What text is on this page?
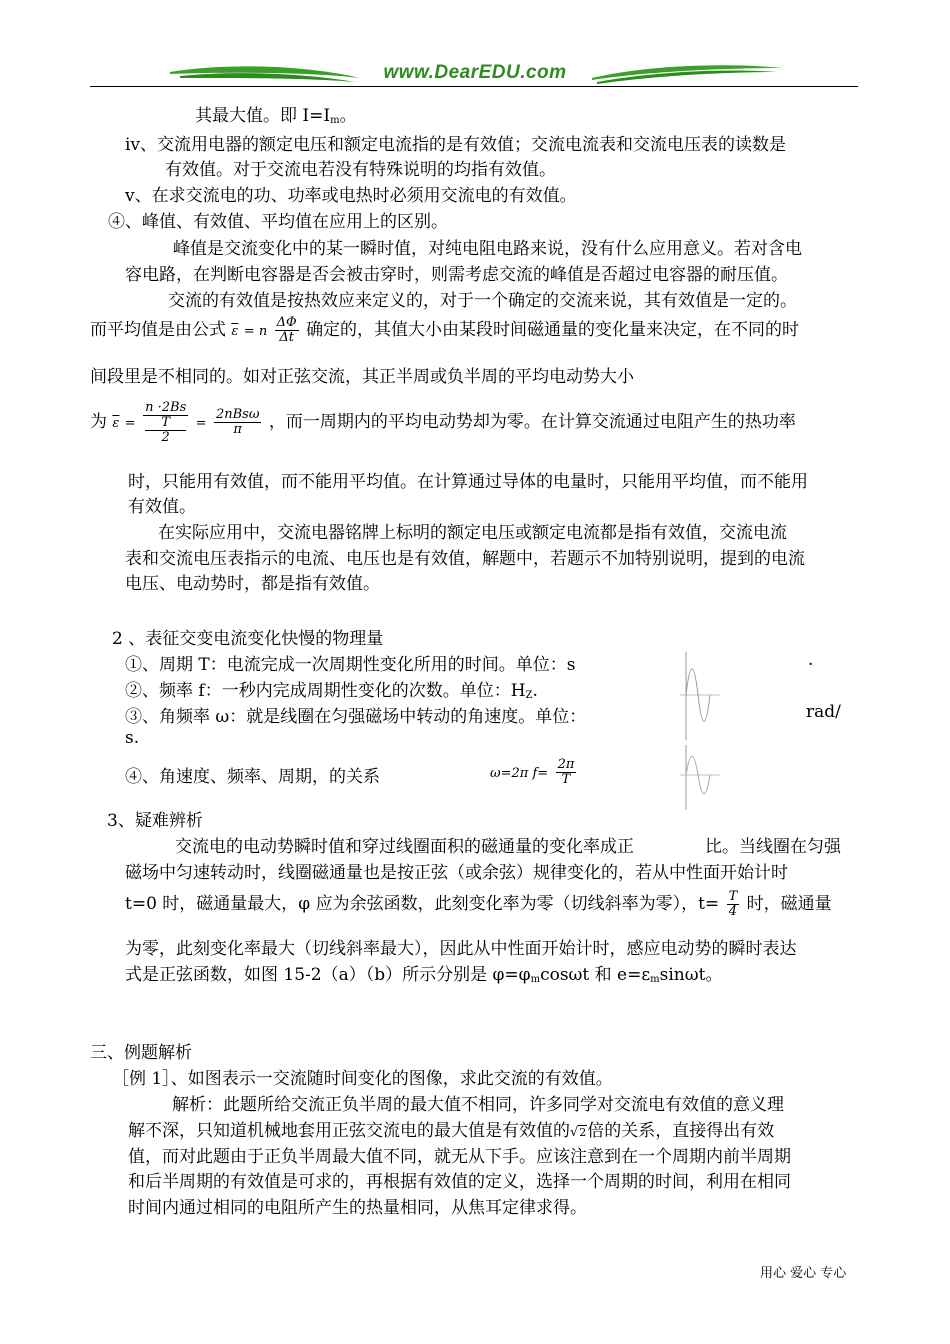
www.DearEDU.com
其最大值。即 I=Im。
ⅳ、交流用电器的额定电压和额定电流指的是有效值；交流电流表和交流电压表的读数是
有效值。对于交流电若没有特殊说明的均指有效值。
ⅴ、在求交流电的功、功率或电热时必须用交流电的有效值。
④、峰值、有效值、平均值在应用上的区别。
峰值是交流变化中的某一瞬时值，对纯电阻电路来说，没有什么应用意义。若对含电
容电路，在判断电容器是否会被击穿时，则需考虑交流的峰值是否超过电容器的耐压值。
交流的有效值是按热效应来定义的，对于一个确定的交流来说，其有效值是一定的。
而平均值是由公式 $\overline{\varepsilon} = n \frac{\Delta\Phi}{\Delta t}$ 确定的，其值大小由某段时间磁通量的变化量来决定，在不同的时
间段里是不相同的。如对正弦交流，其正半周或负半周的平均电动势大小
为 $\overline{\varepsilon} = n \cdot 2Bs$
T
$2 = \frac{\text{2nBsω}}{\pi}$ ，而一周期内的平均电动势却为零。在计算交流通过电阻产生的热功率
时，只能用有效值，而不能用平均值。在计算通过导体的电量时，只能用平均值，而不能用
有效值。
在实际应用中，交流电器铭牌上标明的额定电压或额定电流都是指有效值，交流电流
表和交流电压表指示的电流、电压也是有效值，解题中，若题示不加特别说明，提到的电流
电压、电动势时，都是指有效值。
2 、表征交变电流变化快慢的物理量
①、周期 T：电流完成一次周期性变化所用的时间。单位：s	.
②、频率 f：一秒内完成周期性变化的次数。单位：HZ.
③、角频率 ω：就是线圈在匀强磁场中转动的角速度。单位：	rad/
s.
④、角速度、频率、周期，的关系	ω=2π $f= \frac{2\pi}{T}$
3、疑难辨析
交流电的电动势瞬时值和穿过线圈面积的磁通量的变化率成正	比。当线圈在匀强
磁场中匀速转动时，线圈磁通量也是按正弦（或余弦）规律变化的，若从中性面开始计时
t=0 时，磁通量最大，φ 应为余弦函数，此刻变化率为零（切线斜率为零），$t= \frac{T}{4}$ 时，磁通量
为零，此刻变化率最大（切线斜率最大），因此从中性面开始计时，感应电动势的瞬时表达
式是正弦函数，如图 15-2（a）（b）所示分别是 φ=φmcosωt 和 e=εmsinωt。
三、例题解析
［例 1］、如图表示一交流随时间变化的图像，求此交流的有效值。
解析：此题所给交流正负半周的最大值不相同，许多同学对交流电有效值的意义理
解不深，只知道机械地套用正弦交流电的最大值是有效值的√2倍的关系，直接得出有效
值，而对此题由于正负半周最大值不同，就无从下手。应该注意到在一个周期内前半周期
和后半周期的有效值是可求的，再根据有效值的定义，选择一个周期的时间，利用在相同
时间内通过相同的电阻所产生的热量相同，从焦耳定律求得。
用心 爱心 专心
